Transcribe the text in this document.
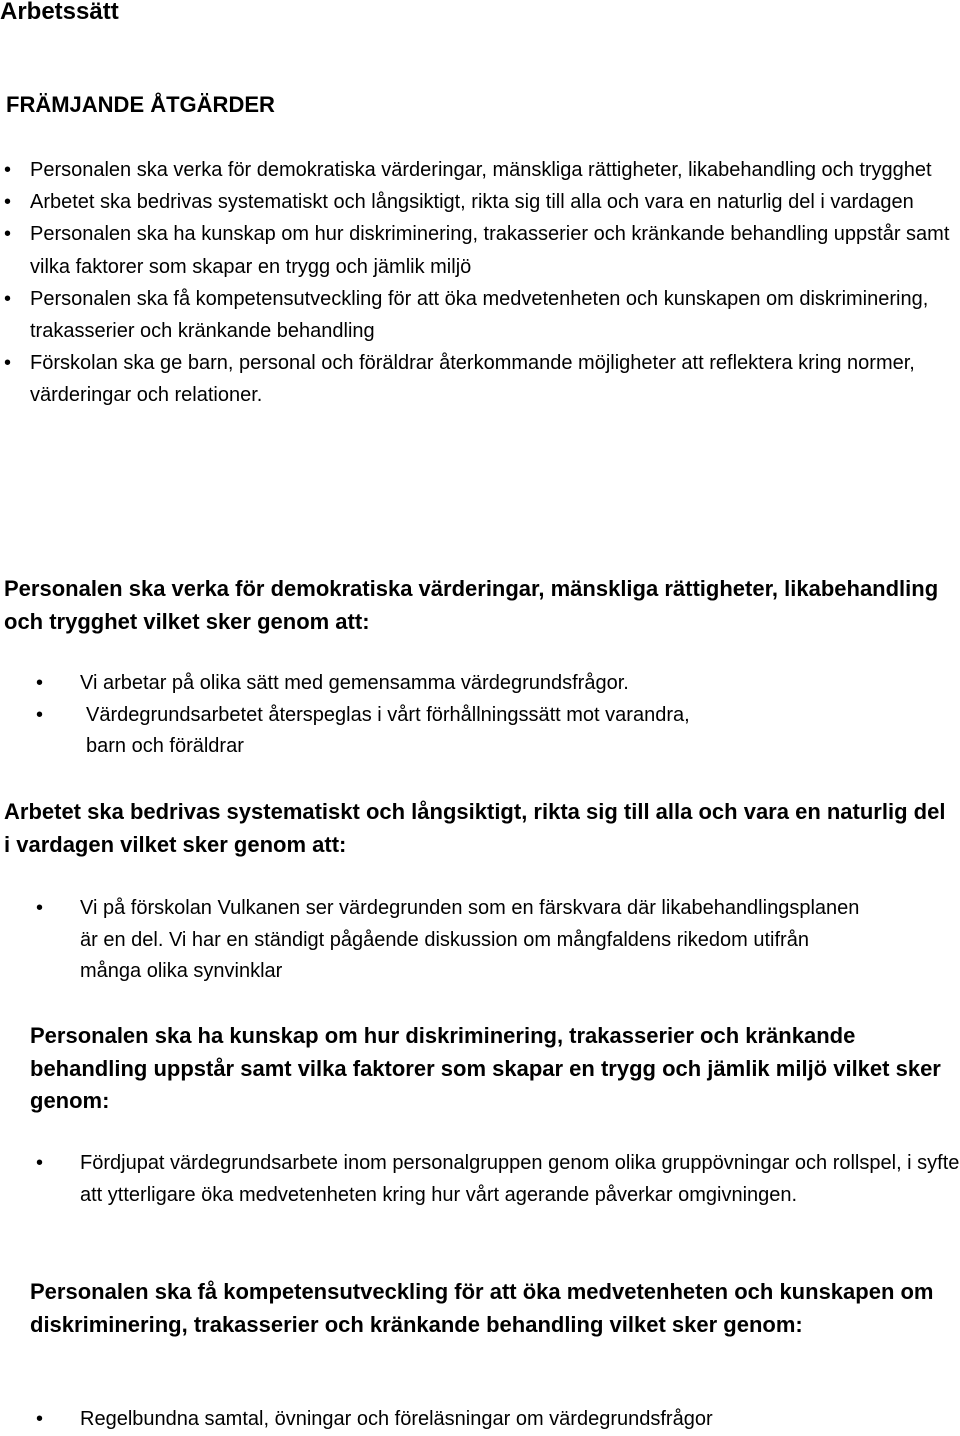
Arbetssätt
FRÄMJANDE ÅTGÄRDER
• Personalen ska verka för demokratiska värderingar, mänskliga rättigheter, likabehandling och trygghet
• Arbetet ska bedrivas systematiskt och långsiktigt, rikta sig till alla och vara en naturlig del i vardagen
• Personalen ska ha kunskap om hur diskriminering, trakasserier och kränkande behandling uppstår samt vilka faktorer som skapar en trygg och jämlik miljö
• Personalen ska få kompetensutveckling för att öka medvetenheten och kunskapen om diskriminering, trakasserier och kränkande behandling
• Förskolan ska ge barn, personal och föräldrar återkommande möjligheter att reflektera kring normer, värderingar och relationer.
Personalen ska verka för demokratiska värderingar, mänskliga rättigheter, likabehandling och trygghet vilket sker genom att:
•	Vi arbetar på olika sätt med gemensamma värdegrundsfrågor.
•	Värdegrundsarbetet återspeglas i vårt förhållningssätt mot varandra, barn och föräldrar
Arbetet ska bedrivas systematiskt och långsiktigt, rikta sig till alla och vara en naturlig del i vardagen vilket sker genom att:
•	Vi på förskolan Vulkanen ser värdegrunden som en färskvara där likabehandlingsplanen är en del. Vi har en ständigt pågående diskussion om mångfaldens rikedom utifrån många olika synvinklar
Personalen ska ha kunskap om hur diskriminering, trakasserier och kränkande behandling uppstår samt vilka faktorer som skapar en trygg och jämlik miljö vilket sker genom:
•	Fördjupat värdegrundsarbete inom personalgruppen genom olika gruppövningar och rollspel, i syfte att ytterligare öka medvetenheten kring hur vårt agerande påverkar omgivningen.
Personalen ska få kompetensutveckling för att öka medvetenheten och kunskapen om diskriminering, trakasserier och kränkande behandling vilket sker genom:
•	Regelbundna samtal, övningar och föreläsningar om värdegrundsfrågor
